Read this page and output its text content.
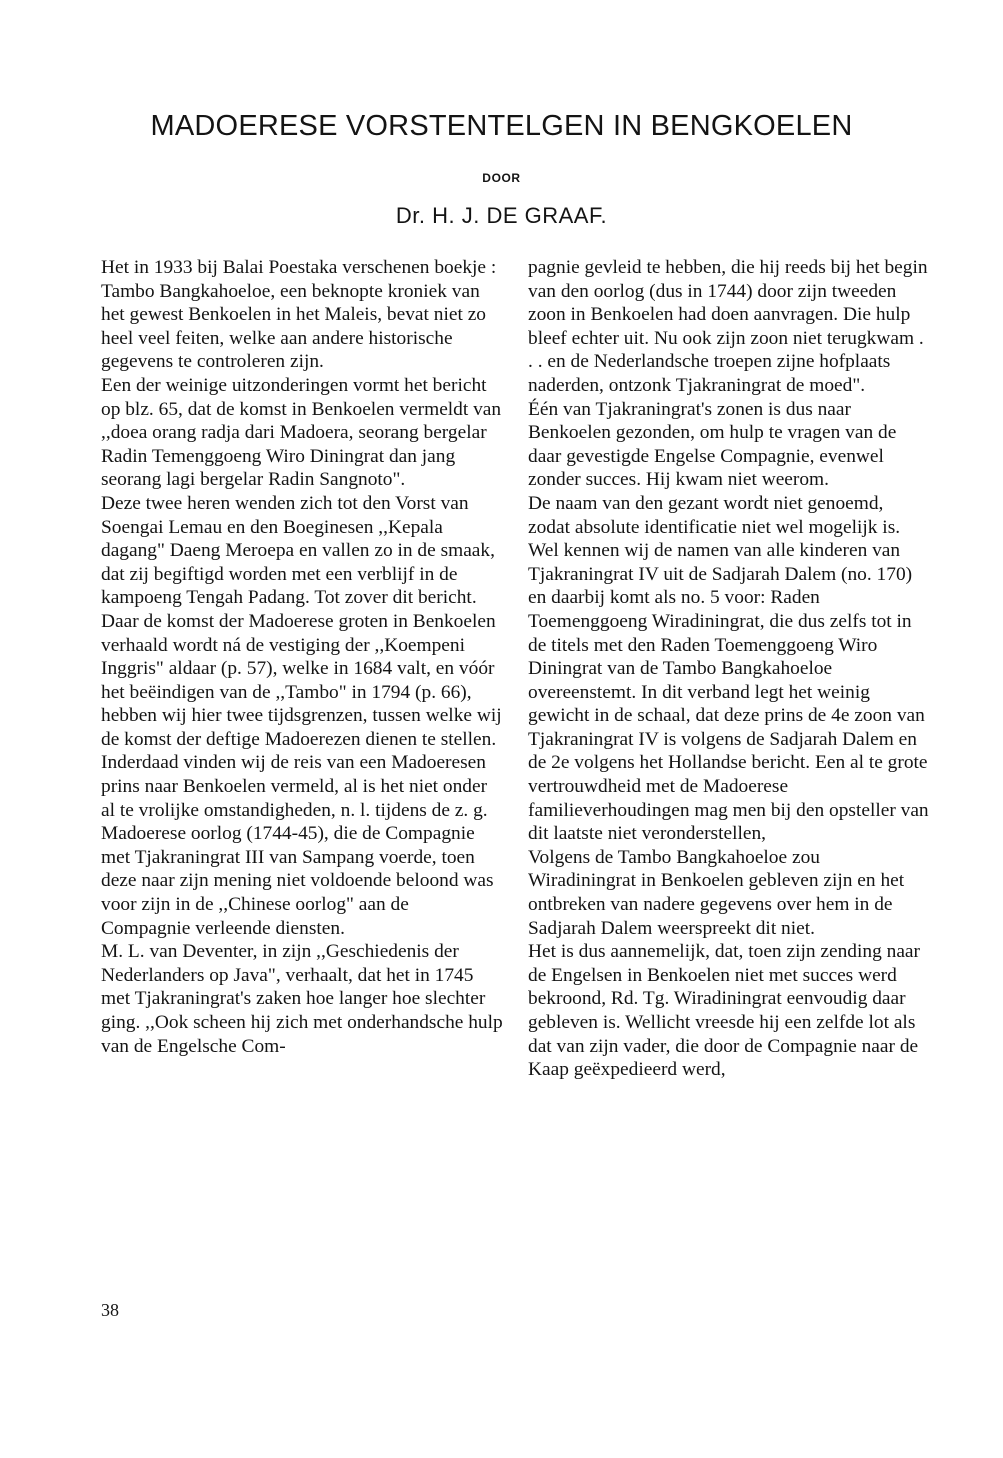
MADOERESE VORSTENTELGEN IN BENGKOELEN
DOOR
Dr. H. J. DE GRAAF.
Het in 1933 bij Balai Poestaka verschenen boekje : Tambo Bangkahoeloe, een beknopte kroniek van het gewest Benkoelen in het Maleis, bevat niet zo heel veel feiten, welke aan andere historische gegevens te controleren zijn.
Een der weinige uitzonderingen vormt het bericht op blz. 65, dat de komst in Benkoelen vermeldt van ,,doea orang radja dari Madoera, seorang bergelar Radin Temenggoeng Wiro Diningrat dan jang seorang lagi bergelar Radin Sangnoto".
Deze twee heren wenden zich tot den Vorst van Soengai Lemau en den Boeginesen ,,Kepala dagang" Daeng Meroepa en vallen zo in de smaak, dat zij begiftigd worden met een verblijf in de kampoeng Tengah Padang. Tot zover dit bericht. Daar de komst der Madoerese groten in Benkoelen verhaald wordt ná de vestiging der ,,Koempeni Inggris" aldaar (p. 57), welke in 1684 valt, en vóór het beëindigen van de ,,Tambo" in 1794 (p. 66), hebben wij hier twee tijdsgrenzen, tussen welke wij de komst der deftige Madoerezen dienen te stellen.
Inderdaad vinden wij de reis van een Madoeresen prins naar Benkoelen vermeld, al is het niet onder al te vrolijke omstandigheden, n. l. tijdens de z. g. Madoerese oorlog (1744-45), die de Compagnie met Tjakraningrat III van Sampang voerde, toen deze naar zijn mening niet voldoende beloond was voor zijn in de ,,Chinese oorlog" aan de Compagnie verleende diensten.
M. L. van Deventer, in zijn ,,Geschiedenis der Nederlanders op Java", verhaalt, dat het in 1745 met Tjakraningrat's zaken hoe langer hoe slechter ging. ,,Ook scheen hij zich met onderhandsche hulp van de Engelsche Com-
pagnie gevleid te hebben, die hij reeds bij het begin van den oorlog (dus in 1744) door zijn tweeden zoon in Benkoelen had doen aanvragen. Die hulp bleef echter uit. Nu ook zijn zoon niet terugkwam . . . en de Nederlandsche troepen zijne hofplaats naderden, ontzonk Tjakraningrat de moed".
Één van Tjakraningrat's zonen is dus naar Benkoelen gezonden, om hulp te vragen van de daar gevestigde Engelse Compagnie, evenwel zonder succes. Hij kwam niet weerom.
De naam van den gezant wordt niet genoemd, zodat absolute identificatie niet wel mogelijk is. Wel kennen wij de namen van alle kinderen van Tjakraningrat IV uit de Sadjarah Dalem (no. 170) en daarbij komt als no. 5 voor: Raden Toemenggoeng Wiradiningrat, die dus zelfs tot in de titels met den Raden Toemenggoeng Wiro Diningrat van de Tambo Bangkahoeloe overeenstemt. In dit verband legt het weinig gewicht in de schaal, dat deze prins de 4e zoon van Tjakraningrat IV is volgens de Sadjarah Dalem en de 2e volgens het Hollandse bericht. Een al te grote vertrouwdheid met de Madoerese familieverhoudingen mag men bij den opsteller van dit laatste niet veronderstellen,
Volgens de Tambo Bangkahoeloe zou Wiradiningrat in Benkoelen gebleven zijn en het ontbreken van nadere gegevens over hem in de Sadjarah Dalem weerspreekt dit niet.
Het is dus aannemelijk, dat, toen zijn zending naar de Engelsen in Benkoelen niet met succes werd bekroond, Rd. Tg. Wiradiningrat eenvoudig daar gebleven is. Wellicht vreesde hij een zelfde lot als dat van zijn vader, die door de Compagnie naar de Kaap geëxpedieerd werd,
38
